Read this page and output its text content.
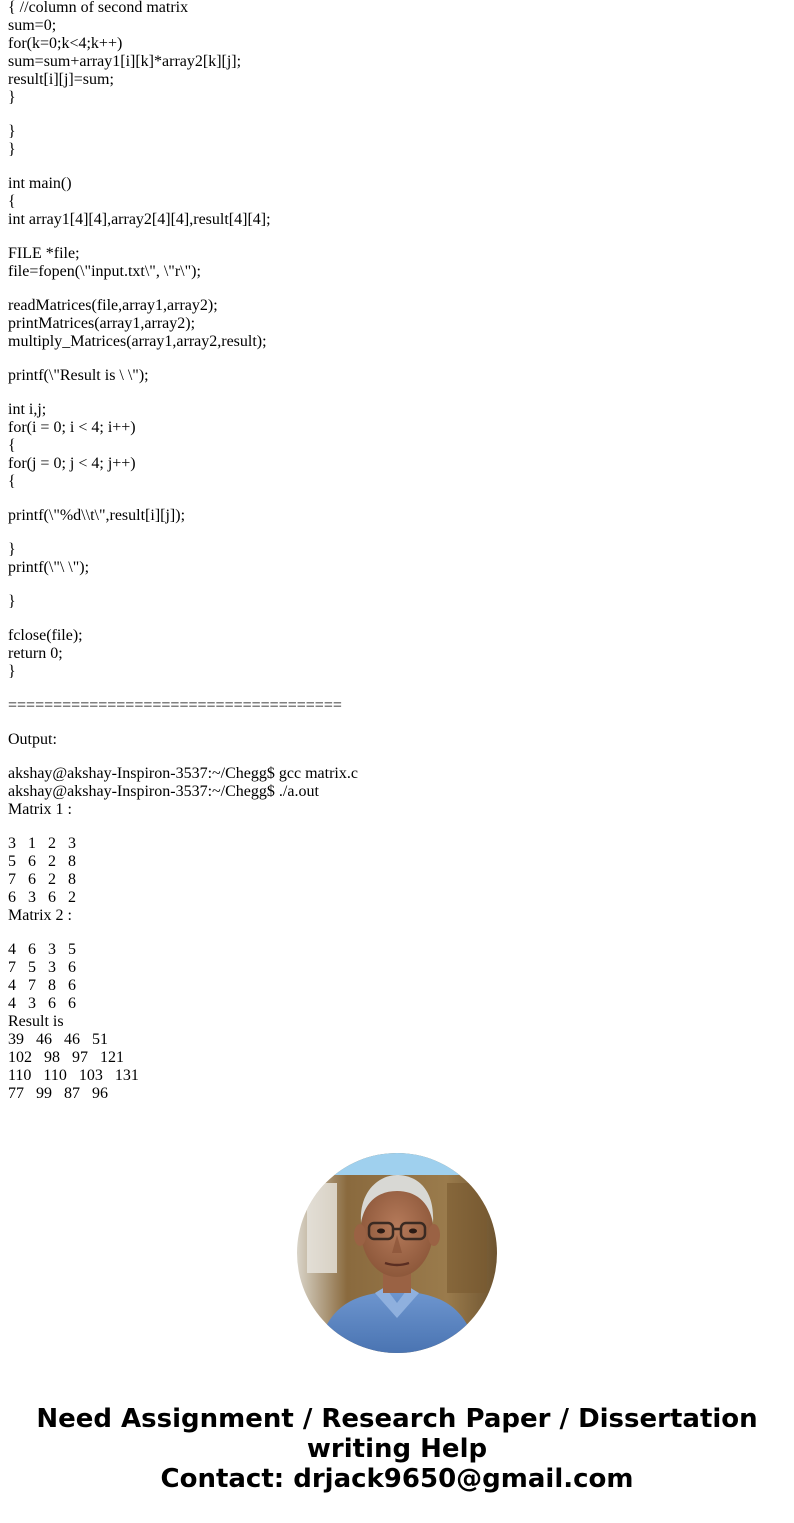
{ //column of second matrix
sum=0;
for(k=0;k<4;k++)
sum=sum+array1[i][k]*array2[k][j];
result[i][j]=sum;
}
}
}
int main()
{
int array1[4][4],array2[4][4],result[4][4];
FILE *file;
file=fopen(\"input.txt\", \"r\");
readMatrices(file,array1,array2);
printMatrices(array1,array2);
multiply_Matrices(array1,array2,result);
printf(\"Result is \ \");
int i,j;
for(i = 0; i < 4; i++)
{
for(j = 0; j < 4; j++)
{
printf(\"%d\\t\",result[i][j]);
}
printf(\"\ \");
}
fclose(file);
return 0;
}
=====================================
Output:
akshay@akshay-Inspiron-3537:~/Chegg$ gcc matrix.c
akshay@akshay-Inspiron-3537:~/Chegg$ ./a.out
Matrix 1 :
3   1   2   3
5   6   2   8
7   6   2   8
6   3   6   2
Matrix 2 :
4   6   3   5
7   5   3   6
4   7   8   6
4   3   6   6
Result is
39   46   46   51
102   98   97   121
110   110   103   131
77   99   87   96
Need Assignment / Research Paper / Dissertation
writing Help
Contact: drjack9650@gmail.com
